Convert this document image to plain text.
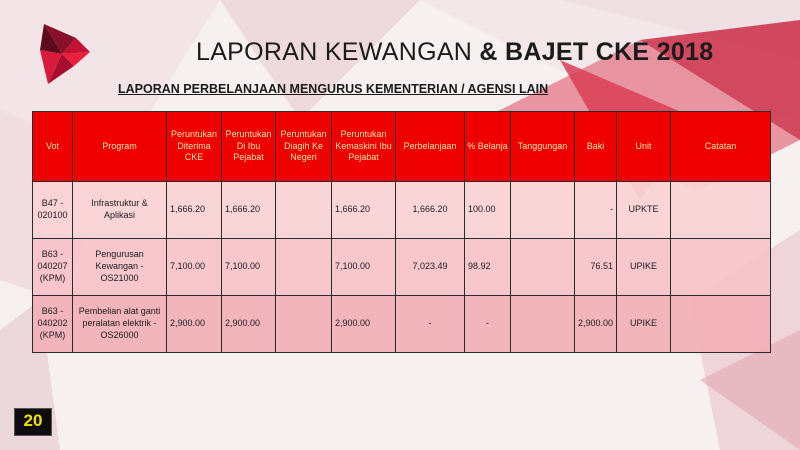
LAPORAN KEWANGAN & BAJET CKE 2018
LAPORAN PERBELANJAAN MENGURUS KEMENTERIAN / AGENSI LAIN
Vot	Program	Peruntukan Diterima CKE	Peruntukan Di Ibu Pejabat	Peruntukan Diagih Ke Negeri	Peruntukan Kemaskini Ibu Pejabat	Perbelanjaan	% Belanja	Tanggungan	Baki	Unit	Catatan
B47 - 020100	Infrastruktur & Aplikasi	1,666.20	1,666.20		1,666.20	1,666.20	100.00		-	UPKTE	
B63 - 040207 (KPM)	Pengurusan Kewangan - OS21000	7,100.00	7,100.00		7,100.00	7,023.49	98.92		76.51	UPIKE	
B63 - 040202 (KPM)	Pembelian alat ganti peralatan elektrik - OS26000	2,900.00	2,900.00		2,900.00	-	-		2,900.00	UPIKE	
20
